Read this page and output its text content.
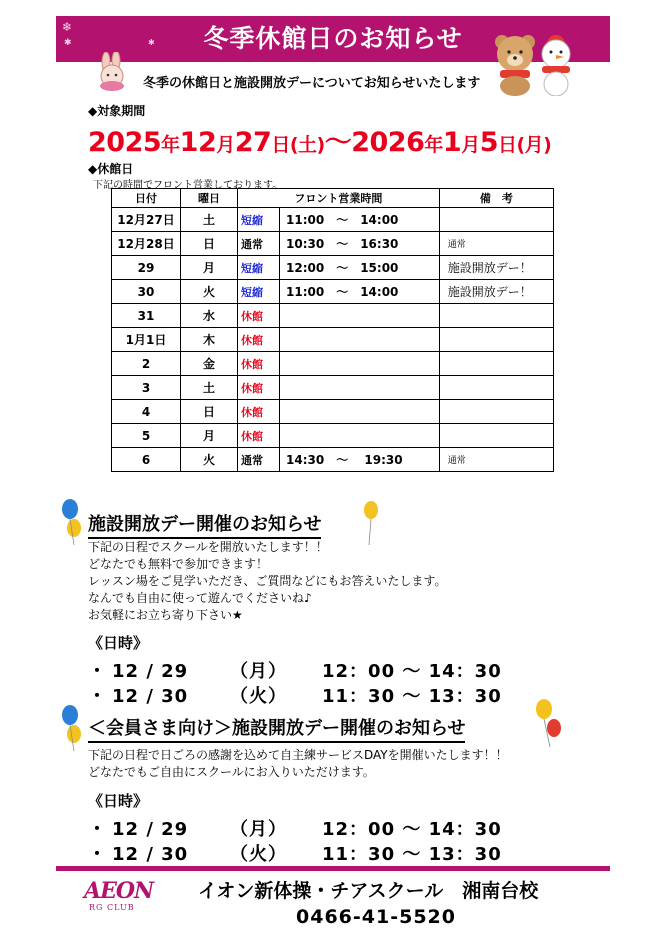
❄
✱	✱	冬季休館日のお知らせ
冬季の休館日と施設開放デーについてお知らせいたします
◆対象期間
2025年12月27日(土)～2026年1月5日(月)
◆休館日
下記の時間でフロント営業しております。
日付	曜日	フロント営業時間		備　考
12月27日	土	短縮	11:00　～　14:00	
12月28日	日	通常	10:30　～　16:30	通常
29	月	短縮	12:00　～　15:00	施設開放デー！
30	火	短縮	11:00　～　14:00	施設開放デー！
31	水	休館		
1月1日	木	休館		
2	金	休館		
3	土	休館		
4	日	休館		
5	月	休館		
6	火	通常	14:30　～　 19:30	通常
施設開放デー開催のお知らせ
下記の日程でスクールを開放いたします！！
どなたでも無料で参加できます！
レッスン場をご見学いただき、ご質問などにもお答えいたします。
なんでも自由に使って遊んでくださいね♪
お気軽にお立ち寄り下さい★
《日時》
・ 12 / 29 （月） 12：00 ～ 14：30
・ 12 / 30 （火） 11：30 ～ 13：30
＜会員さま向け＞施設開放デー開催のお知らせ
下記の日程で日ごろの感謝を込めて自主練サービスDAYを開催いたします！！
どなたでもご自由にスクールにお入りいただけます。
《日時》
・ 12 / 29 （月） 12：00 ～ 14：30
・ 12 / 30 （火） 11：30 ～ 13：30
AEON
RG CLUB
イオン新体操・チアスクール　湘南台校
0466-41-5520
